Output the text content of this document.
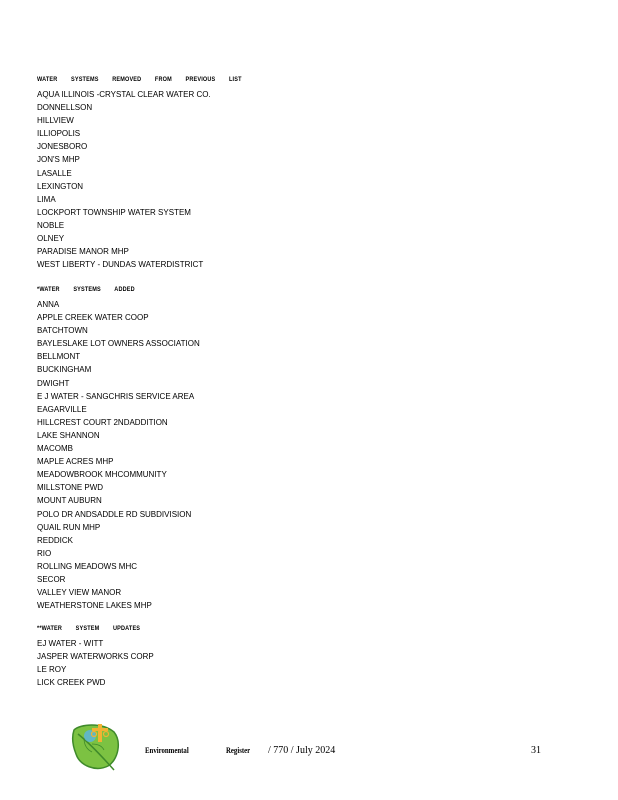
WATER SYSTEMS REMOVED FROM PREVIOUS LIST
AQUA ILLINOIS -CRYSTAL CLEAR WATER CO.
DONNELLSON
HILLVIEW
ILLIOPOLIS
JONESBORO
JON'S MHP
LASALLE
LEXINGTON
LIMA
LOCKPORT TOWNSHIP WATER SYSTEM
NOBLE
OLNEY
PARADISE MANOR MHP
WEST LIBERTY - DUNDAS WATERDISTRICT
*WATER SYSTEMS ADDED
ANNA
APPLE CREEK WATER COOP
BATCHTOWN
BAYLESLAKE LOT OWNERS ASSOCIATION
BELLMONT
BUCKINGHAM
DWIGHT
E J WATER - SANGCHRIS SERVICE AREA
EAGARVILLE
HILLCREST COURT 2NDADDITION
LAKE SHANNON
MACOMB
MAPLE ACRES MHP
MEADOWBROOK MHCOMMUNITY
MILLSTONE PWD
MOUNT AUBURN
POLO DR ANDSADDLE RD SUBDIVISION
QUAIL RUN MHP
REDDICK
RIO
ROLLING MEADOWS MHC
SECOR
VALLEY VIEW MANOR
WEATHERSTONE LAKES MHP
**WATER SYSTEM UPDATES
EJ WATER - WITT
JASPER WATERWORKS CORP
LE ROY
LICK CREEK PWD
Environmental	Register / 770 / July 2024	31
